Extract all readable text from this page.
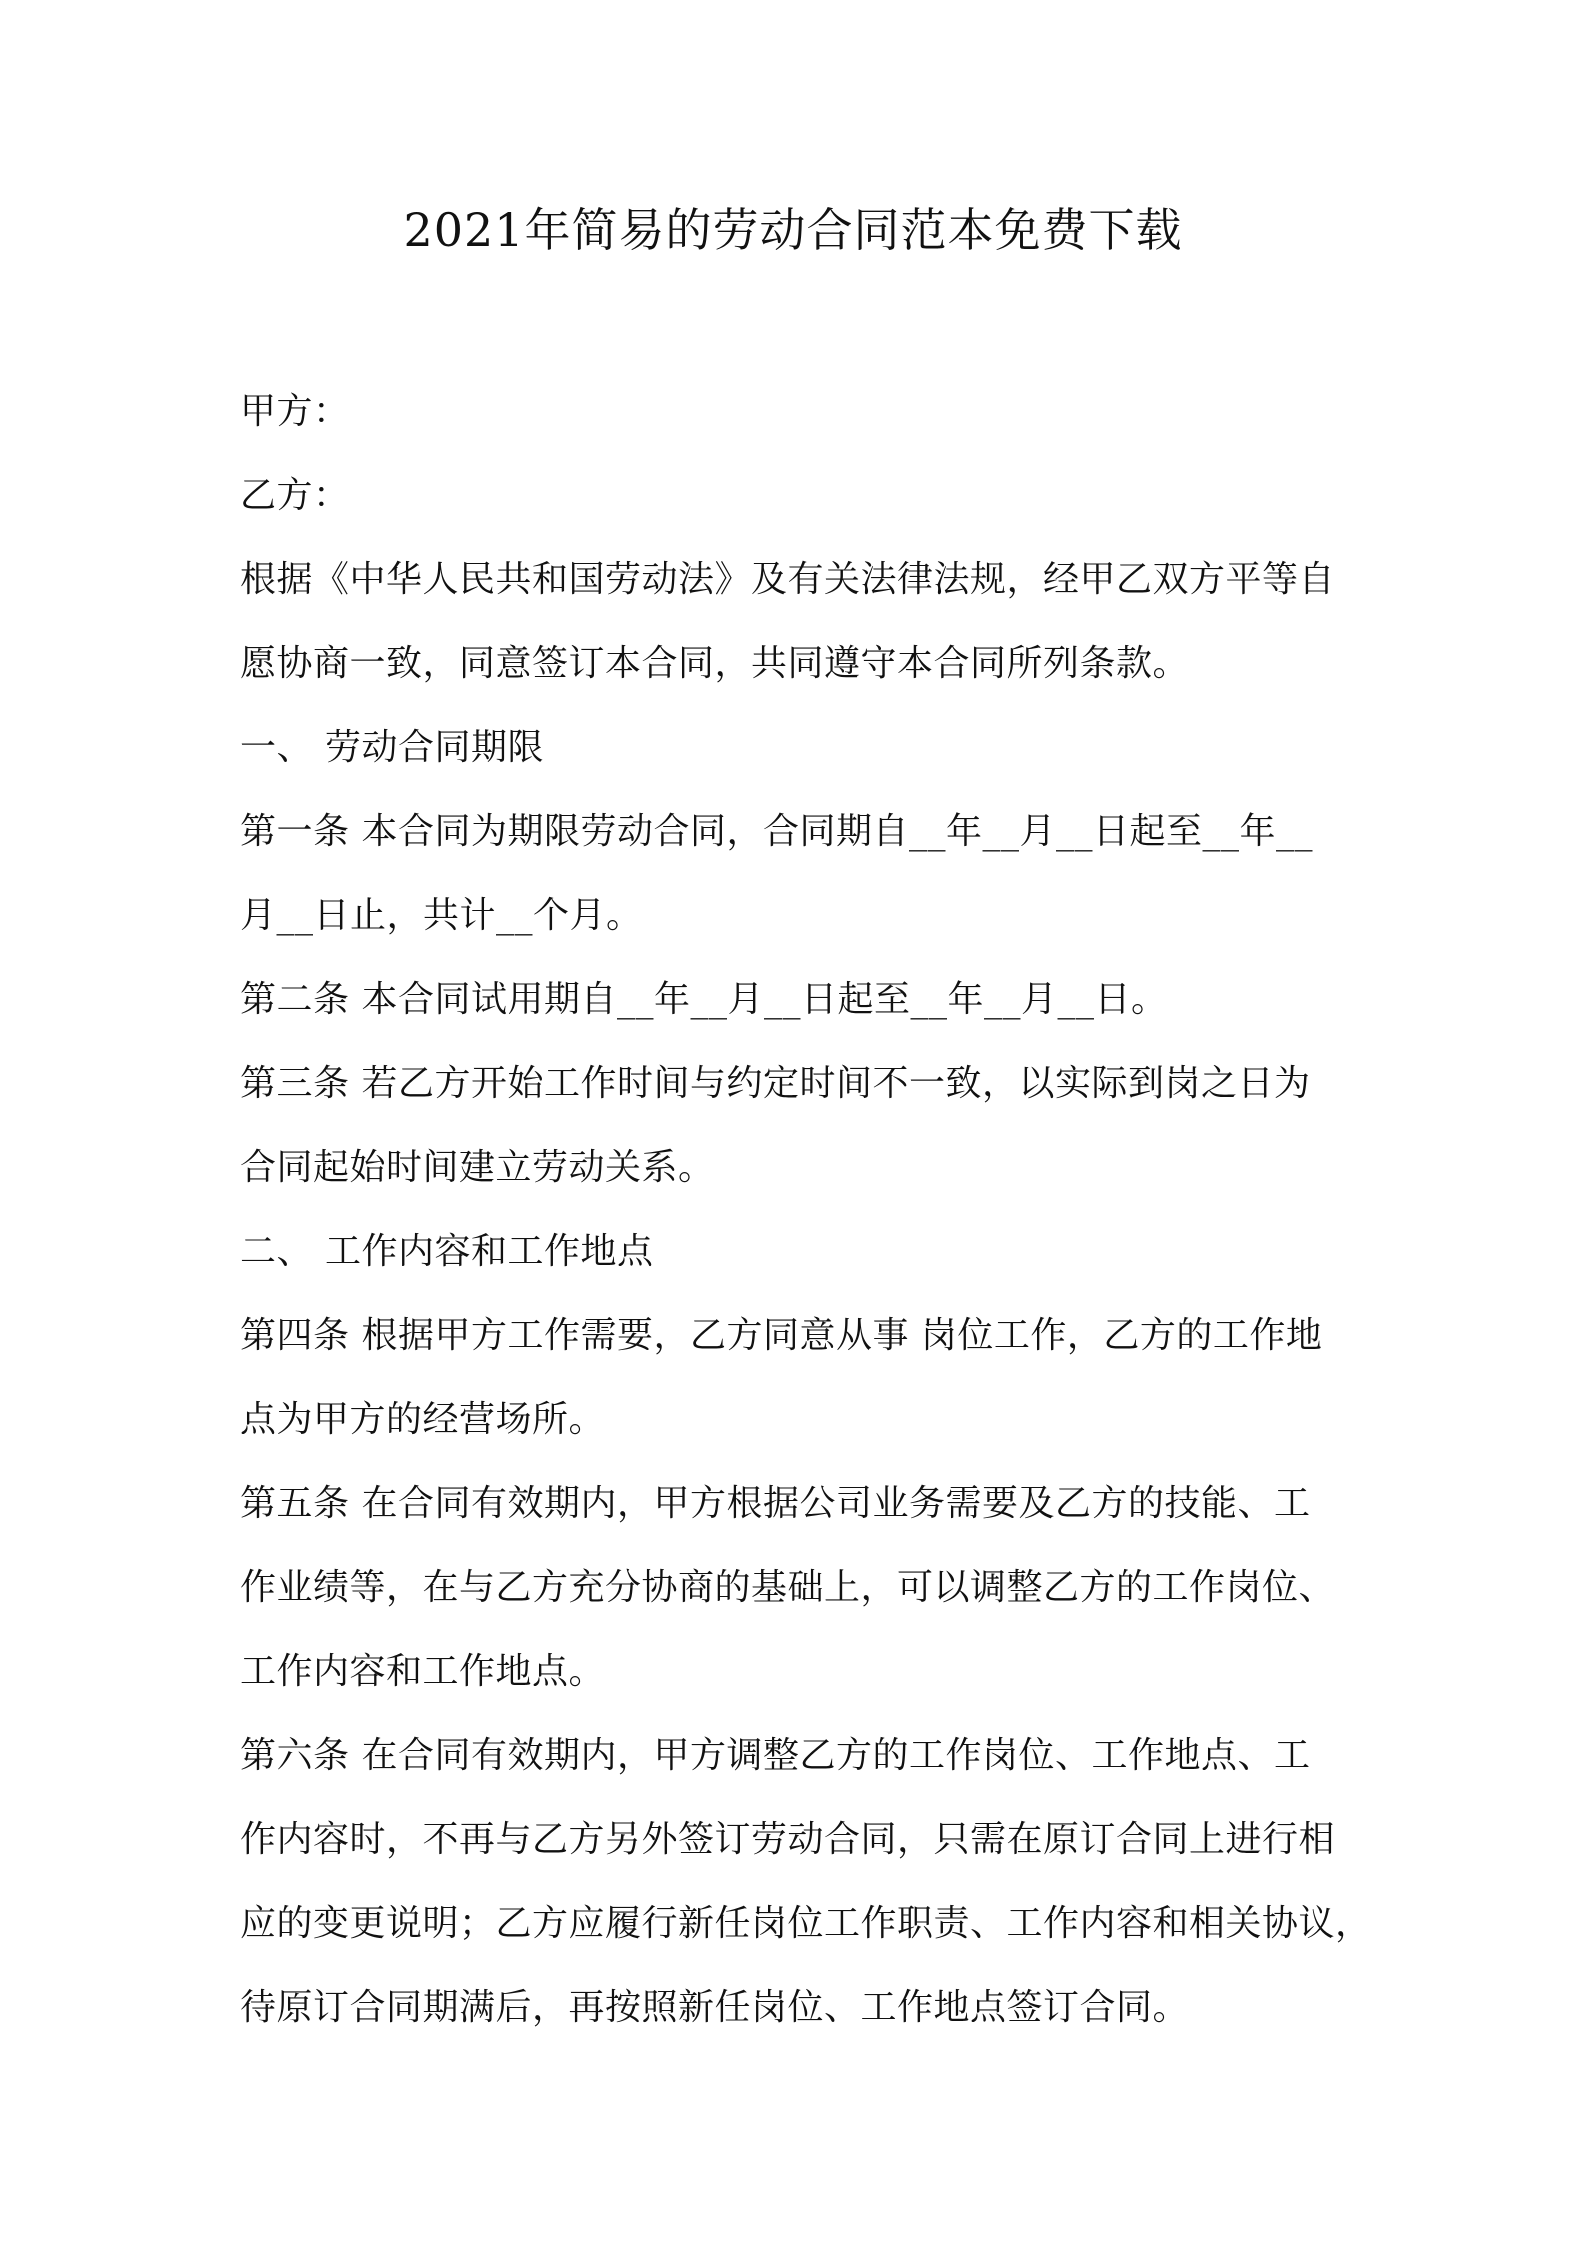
2021年简易的劳动合同范本免费下载
甲方：
乙方：
根据《中华人民共和国劳动法》及有关法律法规，经甲乙双方平等自
愿协商一致，同意签订本合同，共同遵守本合同所列条款。
一、 劳动合同期限
第一条 本合同为期限劳动合同，合同期自__年__月__日起至__年__
月__日止，共计__个月。
第二条 本合同试用期自__年__月__日起至__年__月__日。
第三条 若乙方开始工作时间与约定时间不一致，以实际到岗之日为
合同起始时间建立劳动关系。
二、 工作内容和工作地点
第四条 根据甲方工作需要，乙方同意从事 岗位工作，乙方的工作地
点为甲方的经营场所。
第五条 在合同有效期内，甲方根据公司业务需要及乙方的技能、工
作业绩等，在与乙方充分协商的基础上，可以调整乙方的工作岗位、
工作内容和工作地点。
第六条 在合同有效期内，甲方调整乙方的工作岗位、工作地点、工
作内容时，不再与乙方另外签订劳动合同，只需在原订合同上进行相
应的变更说明；乙方应履行新任岗位工作职责、工作内容和相关协议，
待原订合同期满后，再按照新任岗位、工作地点签订合同。
